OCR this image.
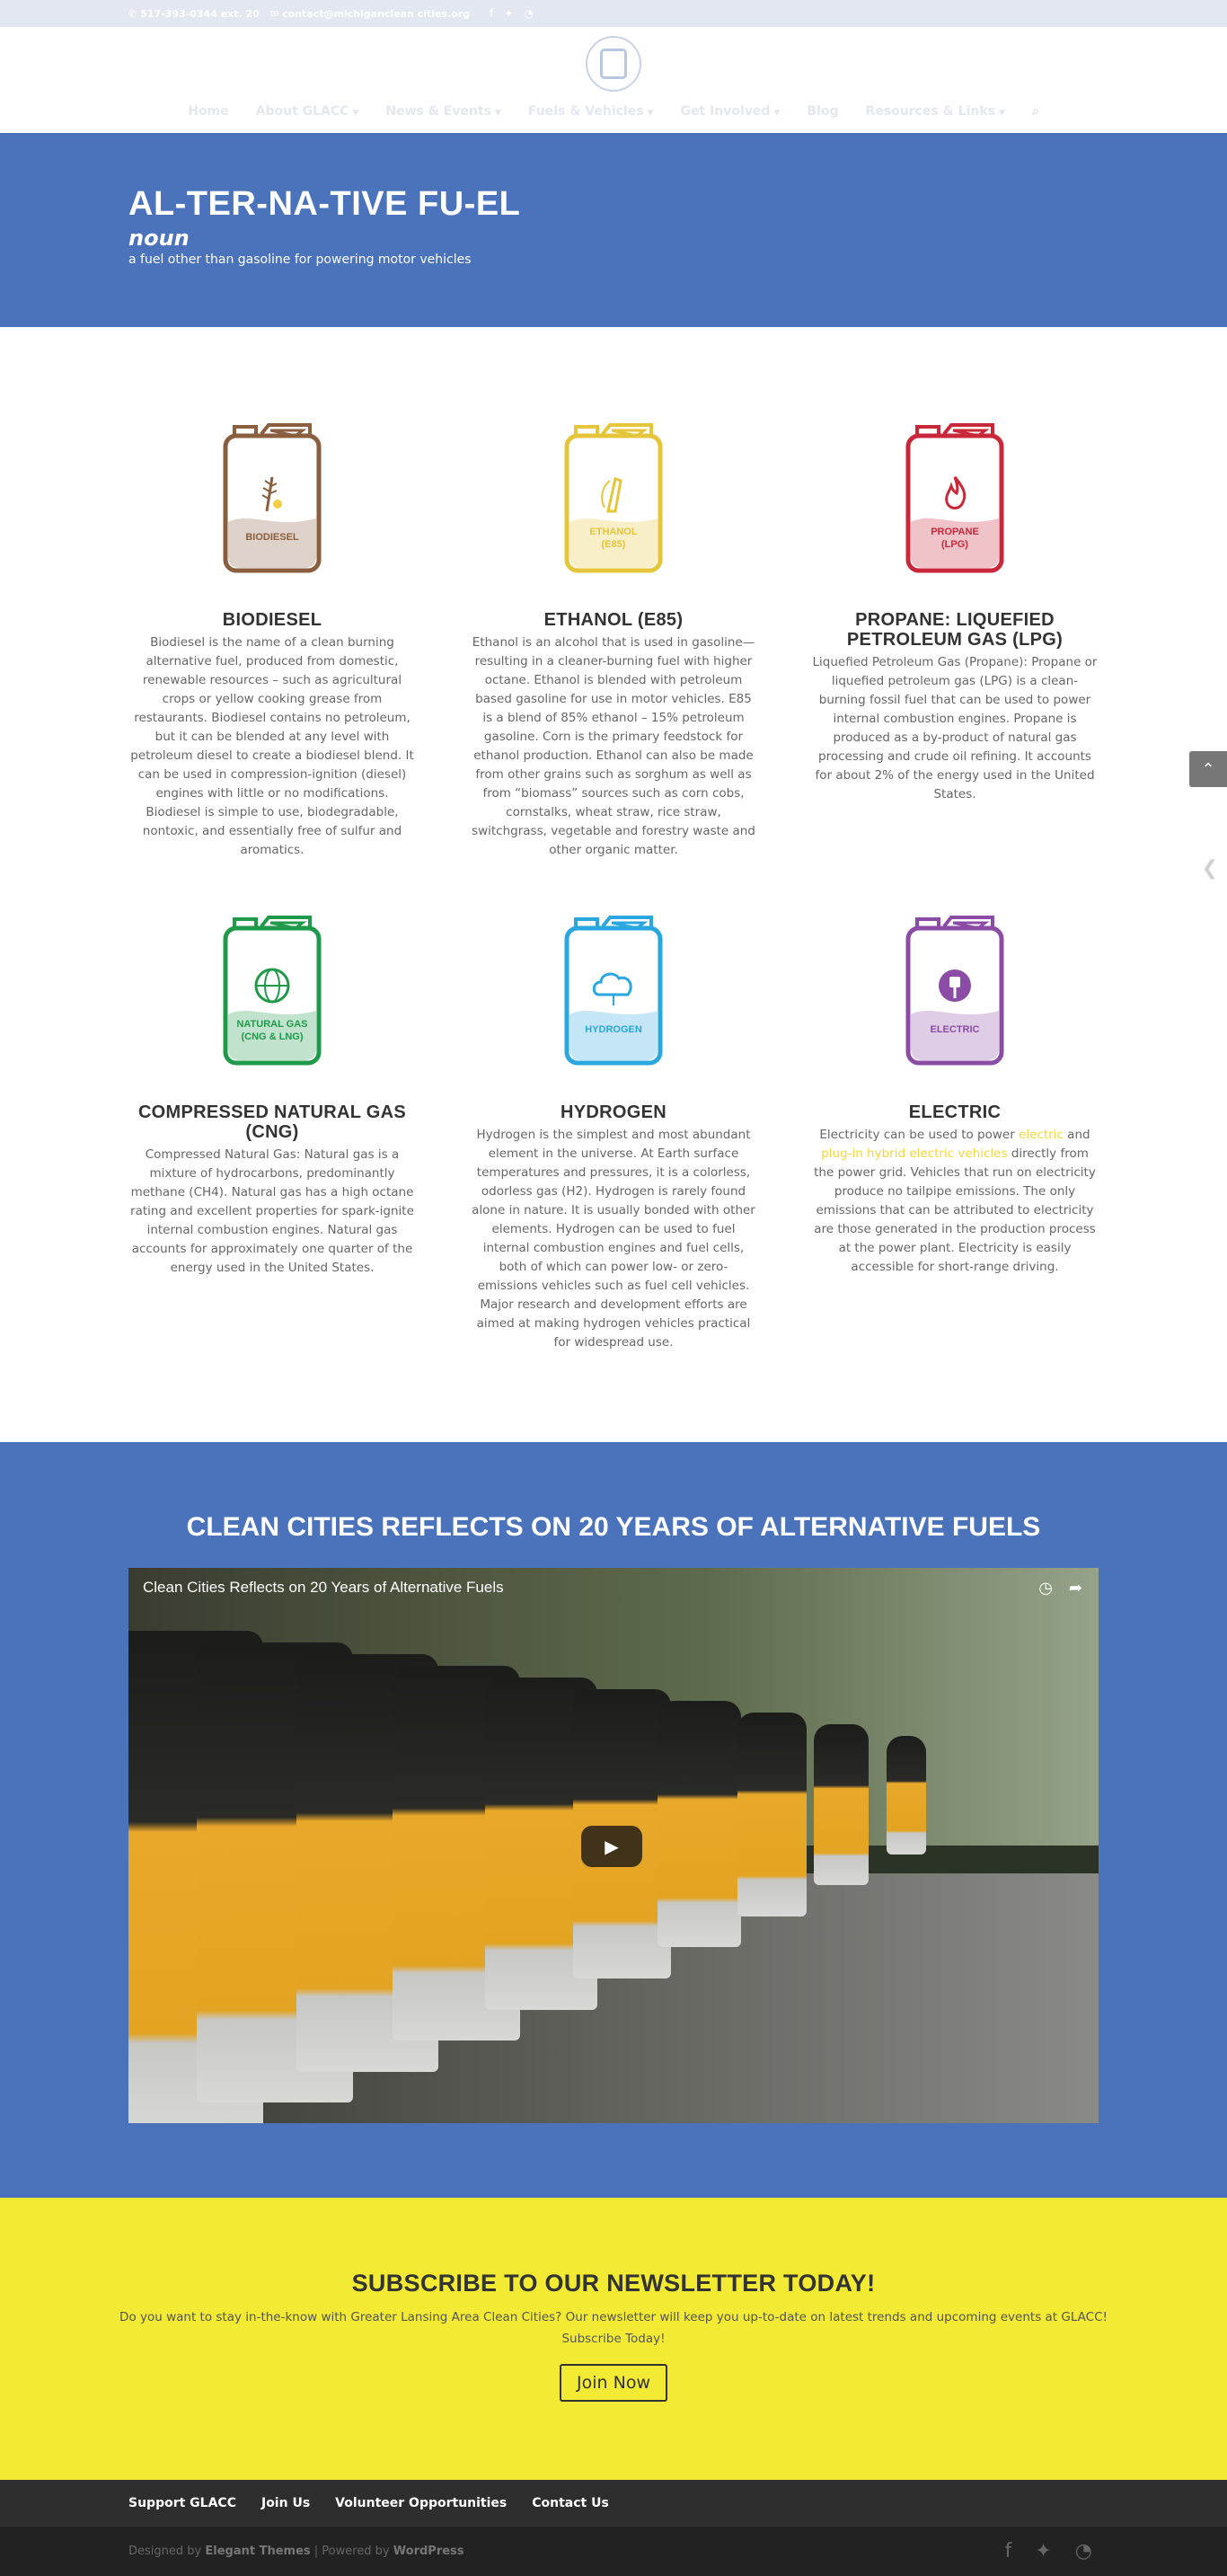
✆ 517-393-0344 ext. 20 ✉ contact@michiganclean cities.org f ✦ ◔
Home About GLACC ▼ News & Events ▼ Fuels & Vehicles ▼ Get Involved ▼ Blog Resources & Links ▼ ⌕
AL-TER-NA-TIVE FU-EL
noun
a fuel other than gasoline for powering motor vehicles
BIODIESEL
BIODIESEL

Biodiesel is the name of a clean burning alternative fuel, produced from domestic, renewable resources – such as agricultural crops or yellow cooking grease from restaurants. Biodiesel contains no petroleum, but it can be blended at any level with petroleum diesel to create a biodiesel blend. It can be used in compression-ignition (diesel) engines with little or no modifications. Biodiesel is simple to use, biodegradable, nontoxic, and essentially free of sulfur and aromatics.

ETHANOL
(E85)
ETHANOL (E85)

Ethanol is an alcohol that is used in gasoline—resulting in a cleaner-burning fuel with higher octane. Ethanol is blended with petroleum based gasoline for use in motor vehicles. E85 is a blend of 85% ethanol – 15% petroleum gasoline. Corn is the primary feedstock for ethanol production. Ethanol can also be made from other grains such as sorghum as well as from “biomass” sources such as corn cobs, cornstalks, wheat straw, rice straw, switchgrass, vegetable and forestry waste and other organic matter.

PROPANE
(LPG)
PROPANE: LIQUEFIED PETROLEUM GAS (LPG)

Liquefied Petroleum Gas (Propane): Propane or liquefied petroleum gas (LPG) is a clean-burning fossil fuel that can be used to power internal combustion engines. Propane is produced as a by-product of natural gas processing and crude oil refining. It accounts for about 2% of the energy used in the United States.

NATURAL GAS
(CNG & LNG)
COMPRESSED NATURAL GAS (CNG)

Compressed Natural Gas: Natural gas is a mixture of hydrocarbons, predominantly methane (CH4). Natural gas has a high octane rating and excellent properties for spark-ignite internal combustion engines. Natural gas accounts for approximately one quarter of the energy used in the United States.

HYDROGEN
HYDROGEN

Hydrogen is the simplest and most abundant element in the universe. At Earth surface temperatures and pressures, it is a colorless, odorless gas (H2). Hydrogen is rarely found alone in nature. It is usually bonded with other elements. Hydrogen can be used to fuel internal combustion engines and fuel cells, both of which can power low- or zero-emissions vehicles such as fuel cell vehicles. Major research and development efforts are aimed at making hydrogen vehicles practical for widespread use.

ELECTRIC
ELECTRIC

Electricity can be used to power electric and plug-in hybrid electric vehicles directly from the power grid. Vehicles that run on electricity produce no tailpipe emissions. The only emissions that can be attributed to electricity are those generated in the production process at the power plant. Electricity is easily accessible for short-range driving.

⌃
❮
CLEAN CITIES REFLECTS ON 20 YEARS OF ALTERNATIVE FUELS
Clean Cities Reflects on 20 Years of Alternative Fuels	◷ ➦
▶
SUBSCRIBE TO OUR NEWSLETTER TODAY!

Do you want to stay in-the-know with Greater Lansing Area Clean Cities? Our newsletter will keep you up-to-date on latest trends and upcoming events at GLACC! Subscribe Today!

Join Now
Support GLACC Join Us Volunteer Opportunities Contact Us
Designed by Elegant Themes | Powered by WordPress	f ✦ ◔
